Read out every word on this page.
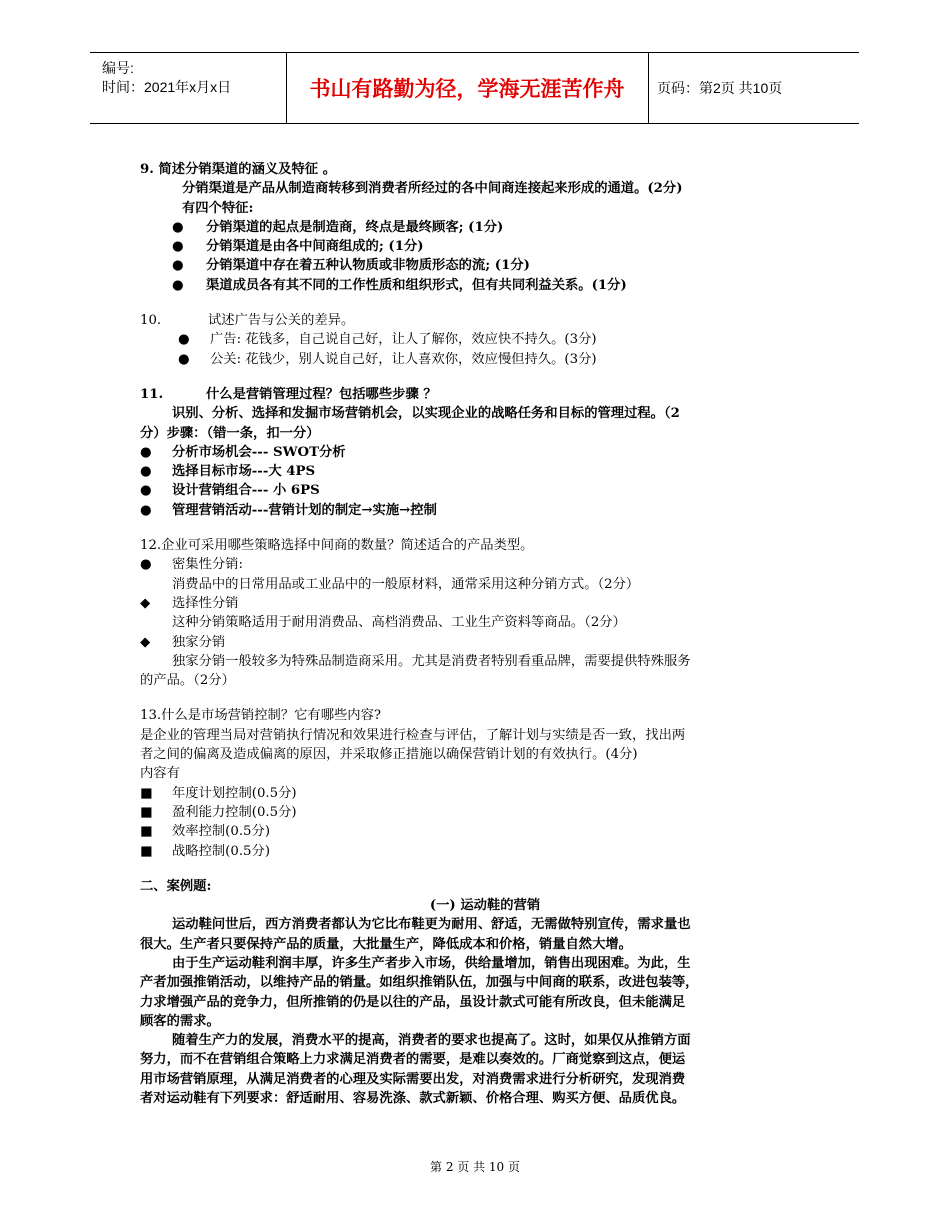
编号:
时间：2021年x月x日	书山有路勤为径，学海无涯苦作舟	页码：第2页 共10页
9. 简述分销渠道的涵义及特征 。
分销渠道是产品从制造商转移到消费者所经过的各中间商连接起来形成的通道。(2分)
有四个特征:
● 分销渠道的起点是制造商，终点是最终顾客; (1分)
● 分销渠道是由各中间商组成的; (1分)
● 分销渠道中存在着五种认物质或非物质形态的流; (1分)
● 渠道成员各有其不同的工作性质和组织形式，但有共同利益关系。(1分)
10.	试述广告与公关的差异。
● 广告: 花钱多，自己说自己好，让人了解你，效应快不持久。(3分)
● 公关: 花钱少，别人说自己好，让人喜欢你，效应慢但持久。(3分)
11.	什么是营销管理过程？包括哪些步骤 ？
识别、分析、选择和发掘市场营销机会，以实现企业的战略任务和目标的管理过程。（2
分）步骤：（错一条，扣一分）
● 分析市场机会--- SWOT分析
● 选择目标市场---大 4PS
● 设计营销组合--- 小 6PS
● 管理营销活动---营销计划的制定→实施→控制
12.企业可采用哪些策略选择中间商的数量？简述适合的产品类型。
● 密集性分销:
消费品中的日常用品或工业品中的一般原材料，通常采用这种分销方式。（2分）
◆ 选择性分销
这种分销策略适用于耐用消费品、高档消费品、工业生产资料等商品。（2分）
◆ 独家分销
独家分销一般较多为特殊品制造商采用。尤其是消费者特别看重品牌，需要提供特殊服务
的产品。（2分）
13.什么是市场营销控制？它有哪些内容?
是企业的管理当局对营销执行情况和效果进行检查与评估，了解计划与实绩是否一致，找出两
者之间的偏离及造成偏离的原因，并采取修正措施以确保营销计划的有效执行。(4分)
内容有
■ 年度计划控制(0.5分)
■ 盈利能力控制(0.5分)
■ 效率控制(0.5分)
■ 战略控制(0.5分)
二、案例题:
(一) 运动鞋的营销
运动鞋问世后，西方消费者都认为它比布鞋更为耐用、舒适，无需做特别宣传，需求量也
很大。生产者只要保持产品的质量，大批量生产，降低成本和价格，销量自然大增。
由于生产运动鞋利润丰厚，许多生产者步入市场，供给量增加，销售出现困难。为此，生
产者加强推销活动，以维持产品的销量。如组织推销队伍，加强与中间商的联系，改进包装等，
力求增强产品的竞争力，但所推销的仍是以往的产品，虽设计款式可能有所改良，但未能满足
顾客的需求。
随着生产力的发展，消费水平的提高，消费者的要求也提高了。这时，如果仅从推销方面
努力，而不在营销组合策略上力求满足消费者的需要，是难以奏效的。厂商觉察到这点，便运
用市场营销原理，从满足消费者的心理及实际需要出发，对消费需求进行分析研究，发现消费
者对运动鞋有下列要求：舒适耐用、容易洗涤、款式新颖、价格合理、购买方便、品质优良。
第 2 页 共 10 页
